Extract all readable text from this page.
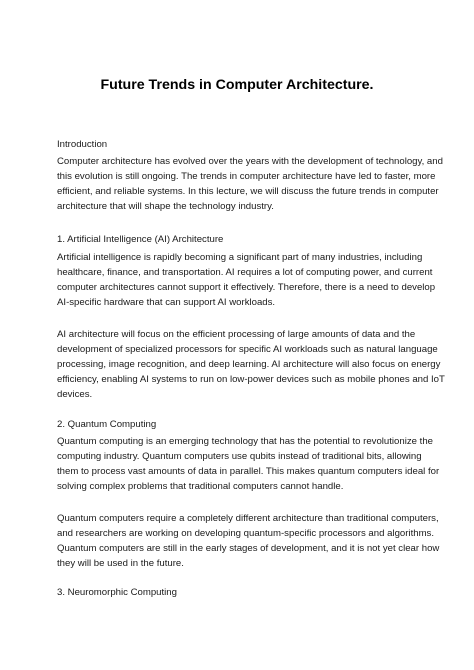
Future Trends in Computer Architecture.
Introduction
Computer architecture has evolved over the years with the development of technology, and
this evolution is still ongoing. The trends in computer architecture have led to faster, more
efficient, and reliable systems. In this lecture, we will discuss the future trends in computer
architecture that will shape the technology industry.
1. Artificial Intelligence (AI) Architecture
Artificial intelligence is rapidly becoming a significant part of many industries, including
healthcare, finance, and transportation. AI requires a lot of computing power, and current
computer architectures cannot support it effectively. Therefore, there is a need to develop
AI-specific hardware that can support AI workloads.
AI architecture will focus on the efficient processing of large amounts of data and the
development of specialized processors for specific AI workloads such as natural language
processing, image recognition, and deep learning. AI architecture will also focus on energy
efficiency, enabling AI systems to run on low-power devices such as mobile phones and IoT
devices.
2. Quantum Computing
Quantum computing is an emerging technology that has the potential to revolutionize the
computing industry. Quantum computers use qubits instead of traditional bits, allowing
them to process vast amounts of data in parallel. This makes quantum computers ideal for
solving complex problems that traditional computers cannot handle.
Quantum computers require a completely different architecture than traditional computers,
and researchers are working on developing quantum-specific processors and algorithms.
Quantum computers are still in the early stages of development, and it is not yet clear how
they will be used in the future.
3. Neuromorphic Computing
